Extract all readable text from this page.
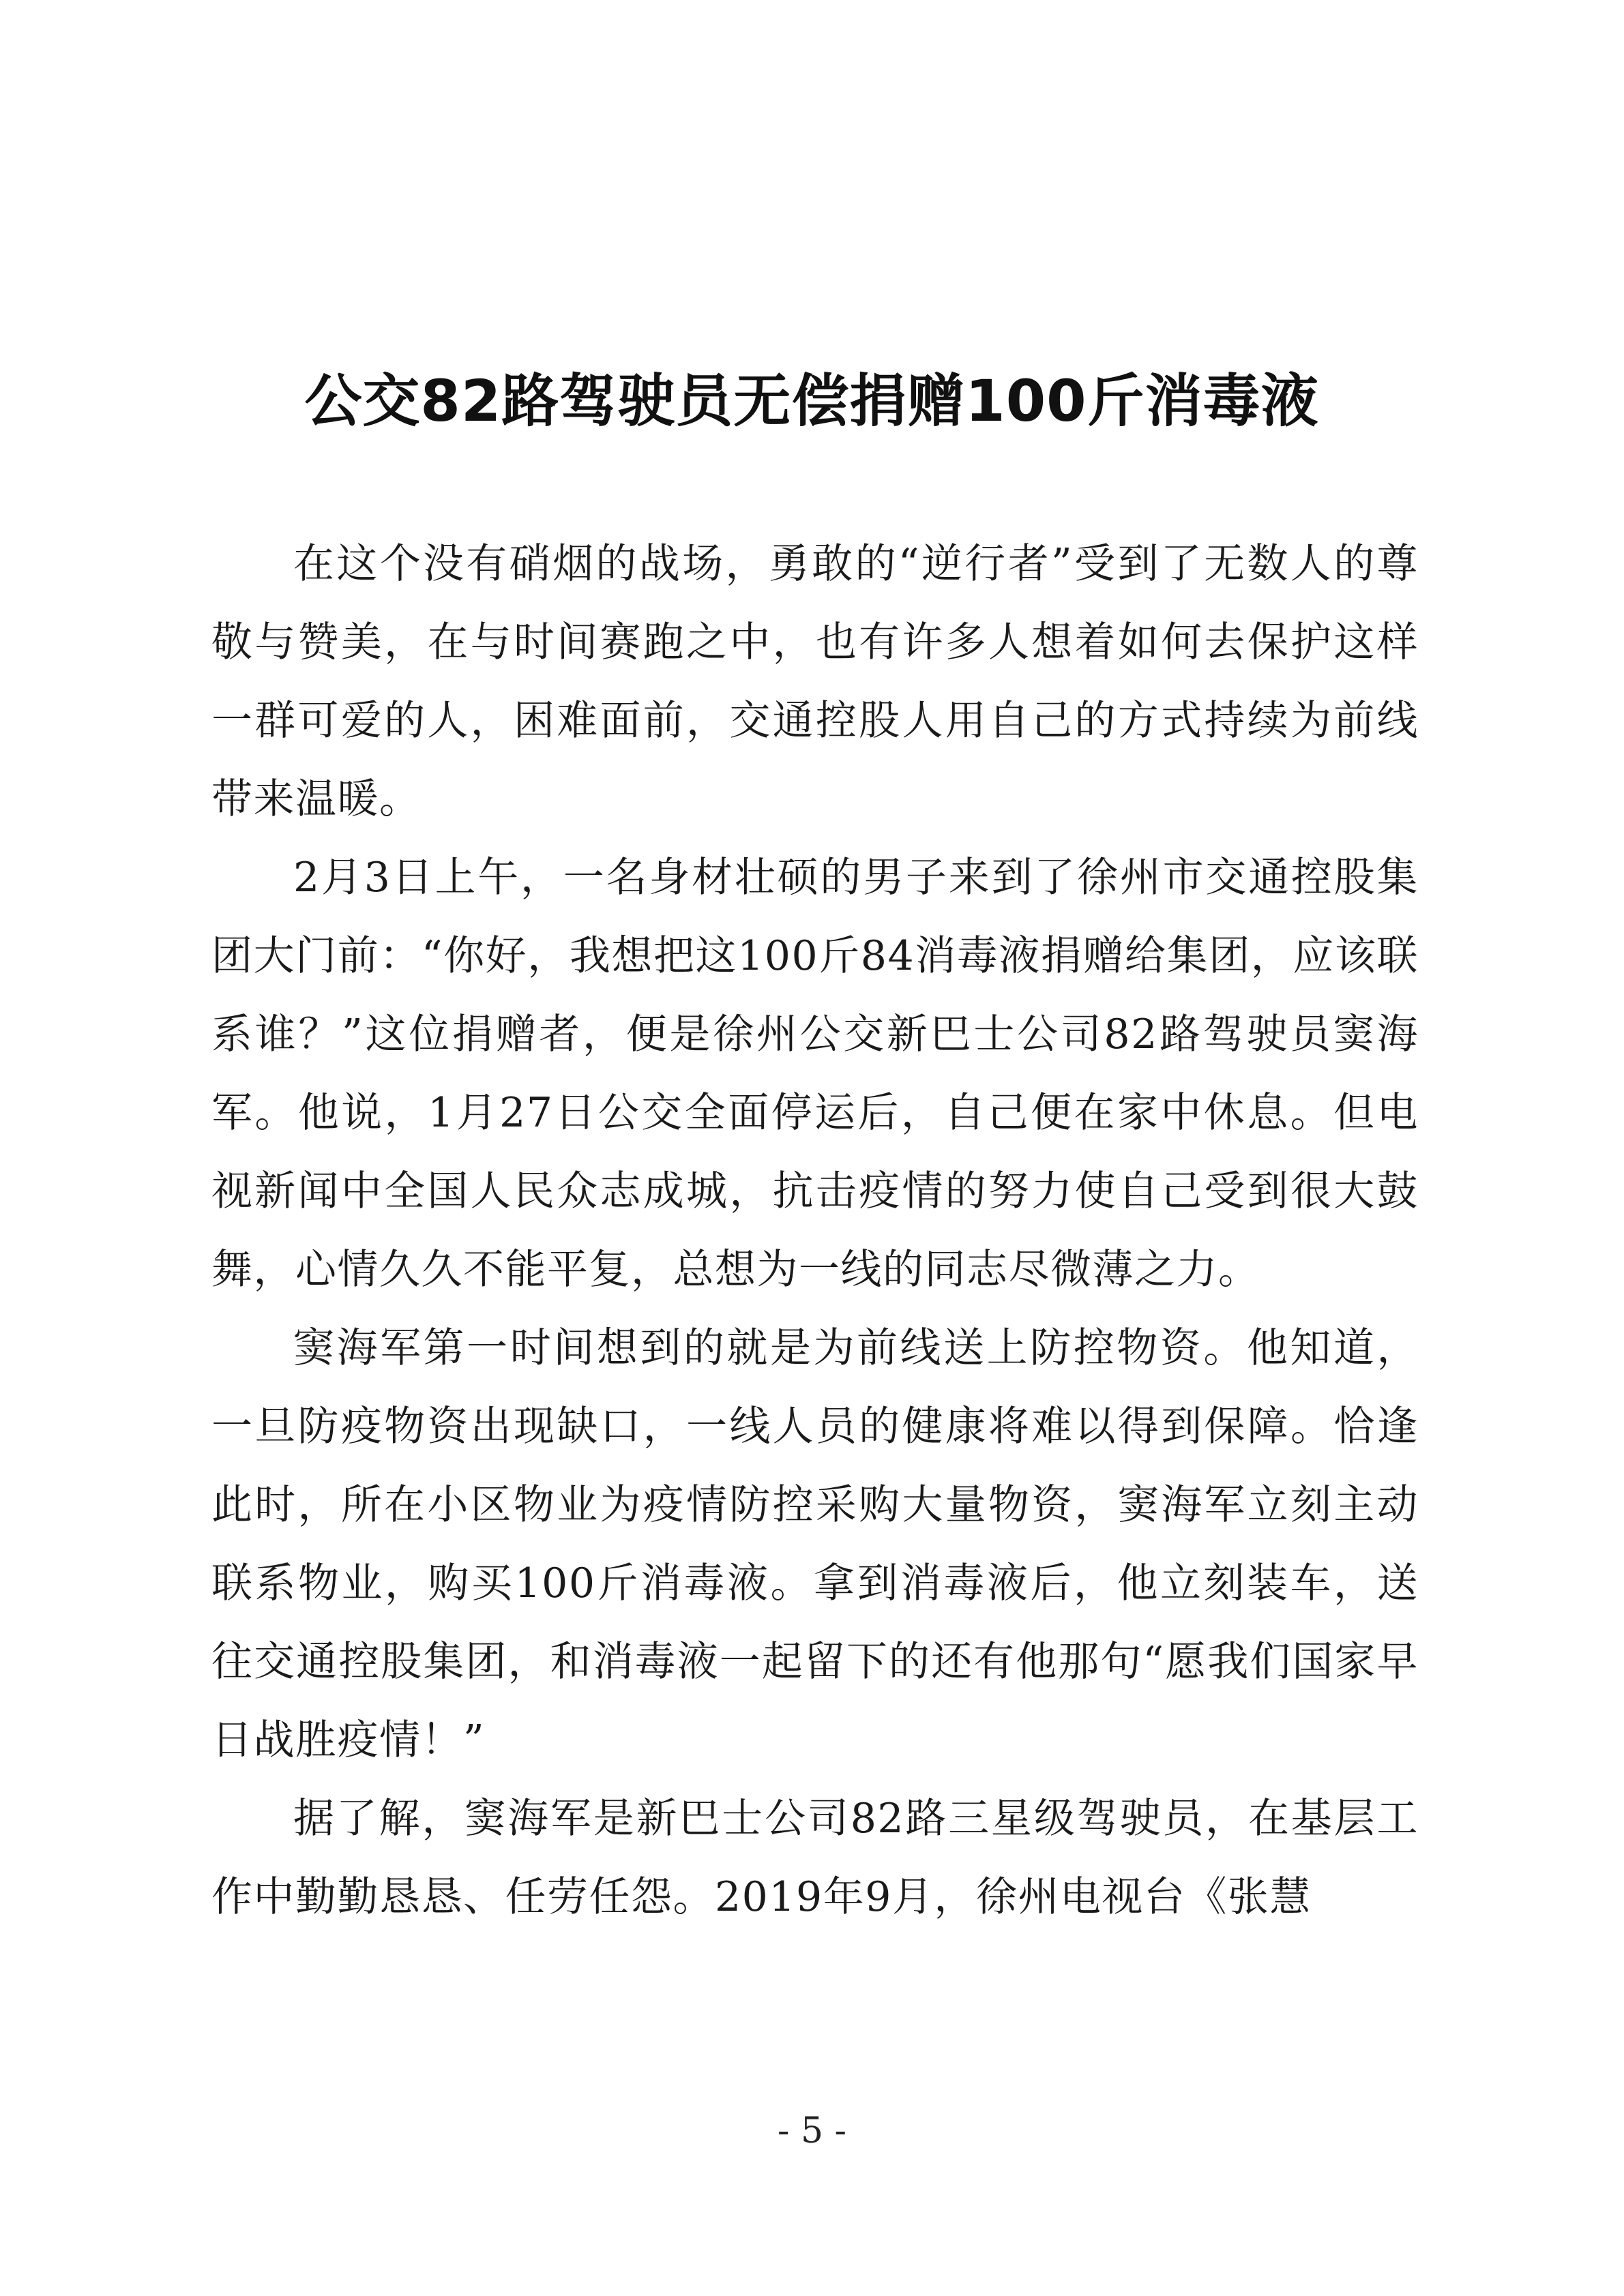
公交82路驾驶员无偿捐赠100斤消毒液

在这个没有硝烟的战场，勇敢的“逆行者”受到了无数人的尊敬与赞美，在与时间赛跑之中，也有许多人想着如何去保护这样一群可爱的人，困难面前，交通控股人用自己的方式持续为前线带来温暖。

2月3日上午，一名身材壮硕的男子来到了徐州市交通控股集团大门前：“你好，我想把这100斤84消毒液捐赠给集团，应该联系谁？”这位捐赠者，便是徐州公交新巴士公司82路驾驶员窦海军。他说，1月27日公交全面停运后，自己便在家中休息。但电视新闻中全国人民众志成城，抗击疫情的努力使自己受到很大鼓舞，心情久久不能平复，总想为一线的同志尽微薄之力。

窦海军第一时间想到的就是为前线送上防控物资。他知道，一旦防疫物资出现缺口，一线人员的健康将难以得到保障。恰逢此时，所在小区物业为疫情防控采购大量物资，窦海军立刻主动联系物业，购买100斤消毒液。拿到消毒液后，他立刻装车，送往交通控股集团，和消毒液一起留下的还有他那句“愿我们国家早日战胜疫情！”

据了解，窦海军是新巴士公司82路三星级驾驶员，在基层工作中勤勤恳恳、任劳任怨。2019年9月，徐州电视台《张慧

- 5 -
